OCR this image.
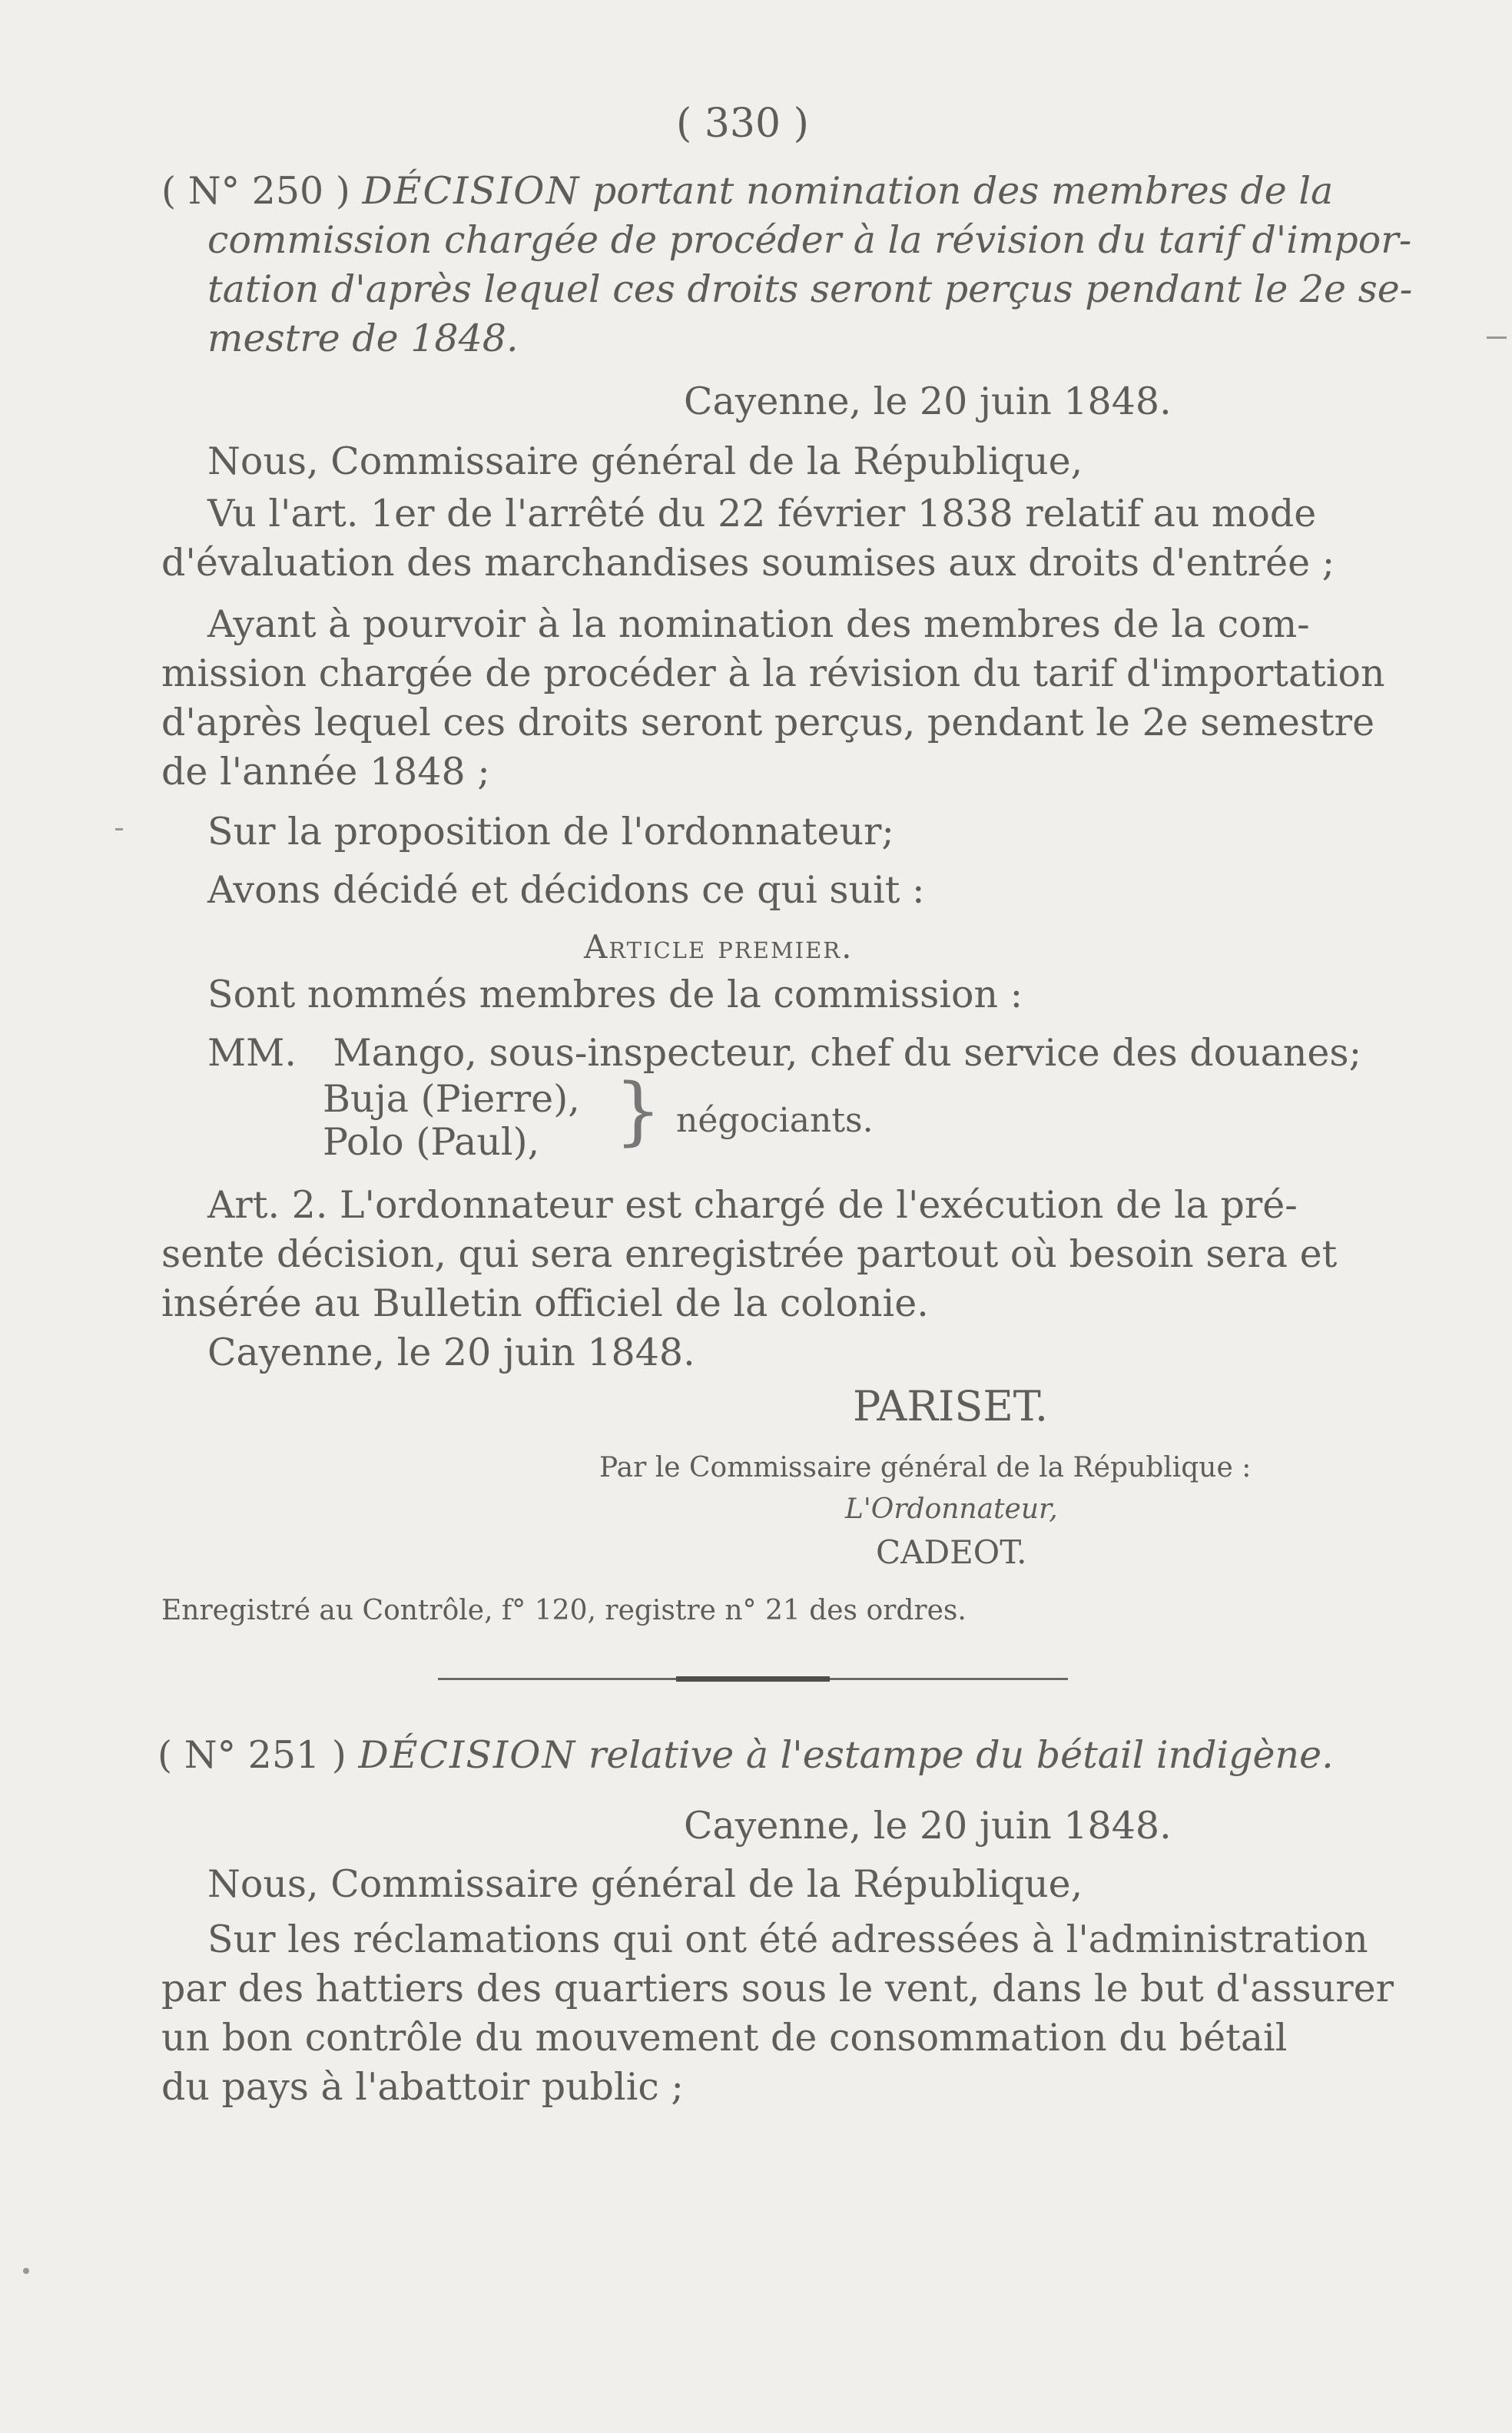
( 330 )
( N° 250 ) DÉCISION portant nomination des membres de la
commission chargée de procéder à la révision du tarif d'impor-
tation d'après lequel ces droits seront perçus pendant le 2e se-
mestre de 1848.
Cayenne, le 20 juin 1848.
Nous, Commissaire général de la République,
Vu l'art. 1er de l'arrêté du 22 février 1838 relatif au mode
d'évaluation des marchandises soumises aux droits d'entrée ;
Ayant à pourvoir à la nomination des membres de la com-
mission chargée de procéder à la révision du tarif d'importation
d'après lequel ces droits seront perçus, pendant le 2e semestre
de l'année 1848 ;
Sur la proposition de l'ordonnateur;
Avons décidé et décidons ce qui suit :
Article premier.
Sont nommés membres de la commission :
MM. Mango, sous-inspecteur, chef du service des douanes;
Buja (Pierre),
Polo (Paul), } négociants.
Art. 2. L'ordonnateur est chargé de l'exécution de la pré-
sente décision, qui sera enregistrée partout où besoin sera et
insérée au Bulletin officiel de la colonie.
Cayenne, le 20 juin 1848.
PARISET.
Par le Commissaire général de la République :
L'Ordonnateur,
CADEOT.
Enregistré au Contrôle, f° 120, registre n° 21 des ordres.
( N° 251 ) DÉCISION relative à l'estampe du bétail indigène.
Cayenne, le 20 juin 1848.
Nous, Commissaire général de la République,
Sur les réclamations qui ont été adressées à l'administration
par des hattiers des quartiers sous le vent, dans le but d'assurer
un bon contrôle du mouvement de consommation du bétail
du pays à l'abattoir public ;
